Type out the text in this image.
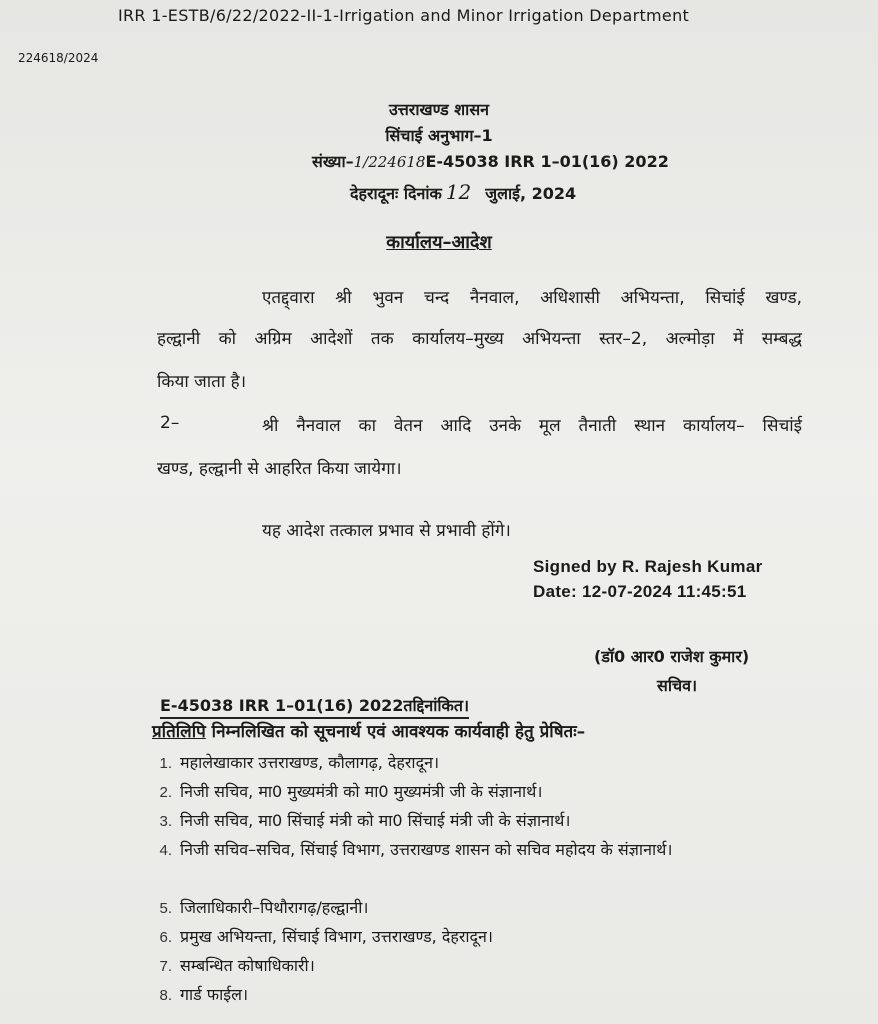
IRR 1-ESTB/6/22/2022-II-1-Irrigation and Minor Irrigation Department
224618/2024
उत्तराखण्ड शासन
सिंचाई अनुभाग–1
संख्या–1/224618E-45038 IRR 1–01(16) 2022
देहरादूनः दिनांक 12 जुलाई, 2024
कार्यालय–आदेश
एतद्द्वारा श्री भुवन चन्द नैनवाल, अधिशासी अभियन्ता, सिचांई खण्ड,
हल्द्वानी को अग्रिम आदेशों तक कार्यालय–मुख्य अभियन्ता स्तर–2, अल्मोड़ा में सम्बद्ध
किया जाता है।
2–	श्री नैनवाल का वेतन आदि उनके मूल तैनाती स्थान कार्यालय– सिचांई
खण्ड, हल्द्वानी से आहरित किया जायेगा।
यह आदेश तत्काल प्रभाव से प्रभावी होंगे।
Signed by R. Rajesh Kumar
Date: 12-07-2024 11:45:51
(डॉ0 आर0 राजेश कुमार)
सचिव।
E-45038 IRR 1–01(16) 2022तद्दिनांकित।
प्रतिलिपि निम्नलिखित को सूचनार्थ एवं आवश्यक कार्यवाही हेतु प्रेषितः–
1. महालेखाकार उत्तराखण्ड, कौलागढ़, देहरादून।
2. निजी सचिव, मा0 मुख्यमंत्री को मा0 मुख्यमंत्री जी के संज्ञानार्थ।
3. निजी सचिव, मा0 सिंचाई मंत्री को मा0 सिंचाई मंत्री जी के संज्ञानार्थ।
4. निजी सचिव–सचिव, सिंचाई विभाग, उत्तराखण्ड शासन को सचिव महोदय के संज्ञानार्थ।
5. जिलाधिकारी–पिथौरागढ़/हल्द्वानी।
6. प्रमुख अभियन्ता, सिंचाई विभाग, उत्तराखण्ड, देहरादून।
7. सम्बन्धित कोषाधिकारी।
8. गार्ड फाईल।
